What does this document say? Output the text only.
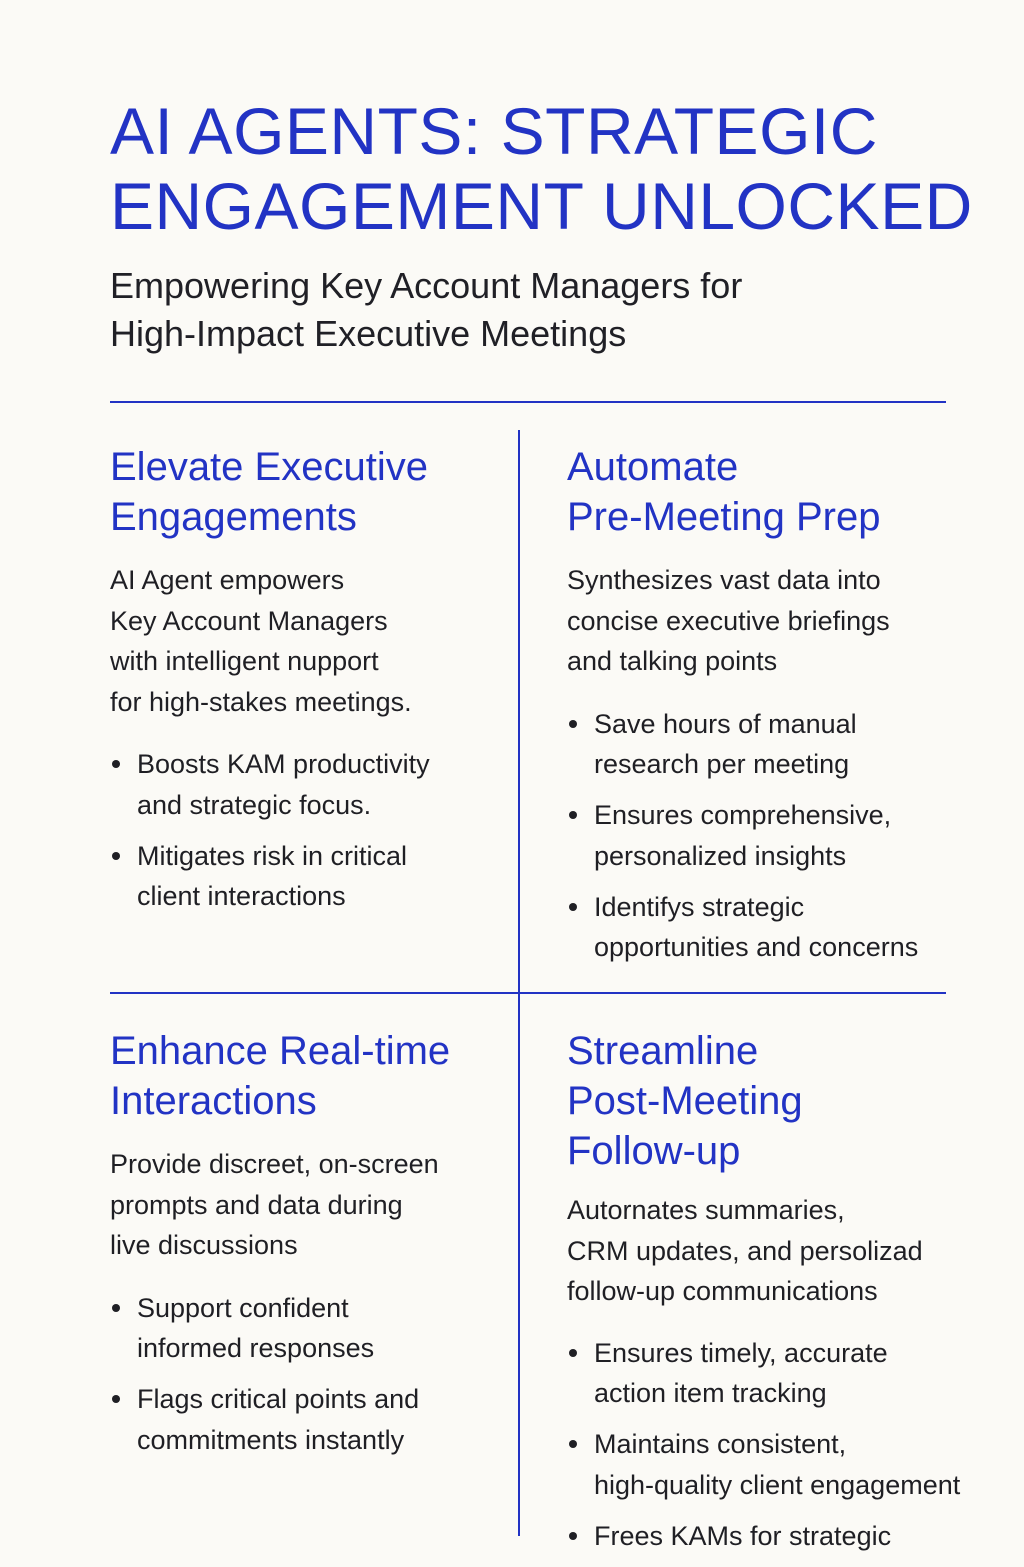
AI AGENTS: STRATEGIC
ENGAGEMENT UNLOCKED

Empowering Key Account Managers for
High-Impact Executive Meetings

Elevate Executive
Engagements

AI Agent empowers
Key Account Managers
with intelligent nupport
for high-stakes meetings.

Boosts KAM productivity
and strategic focus.
Mitigates risk in critical
client interactions
Automate
Pre-Meeting Prep

Synthesizes vast data into
concise executive briefings
and talking points

Save hours of manual
research per meeting
Ensures comprehensive,
personalized insights
Identifys strategic
opportunities and concerns
Enhance Real-time
Interactions

Provide discreet, on-screen
prompts and data during
live discussions

Support confident
informed responses
Flags critical points and
commitments instantly
Streamline
Post-Meeting
Follow-up

Autornates summaries,
CRM updates, and persolizad
follow-up communications

Ensures timely, accurate
action item tracking
Maintains consistent,
high-quality client engagement
Frees KAMs for strategic
